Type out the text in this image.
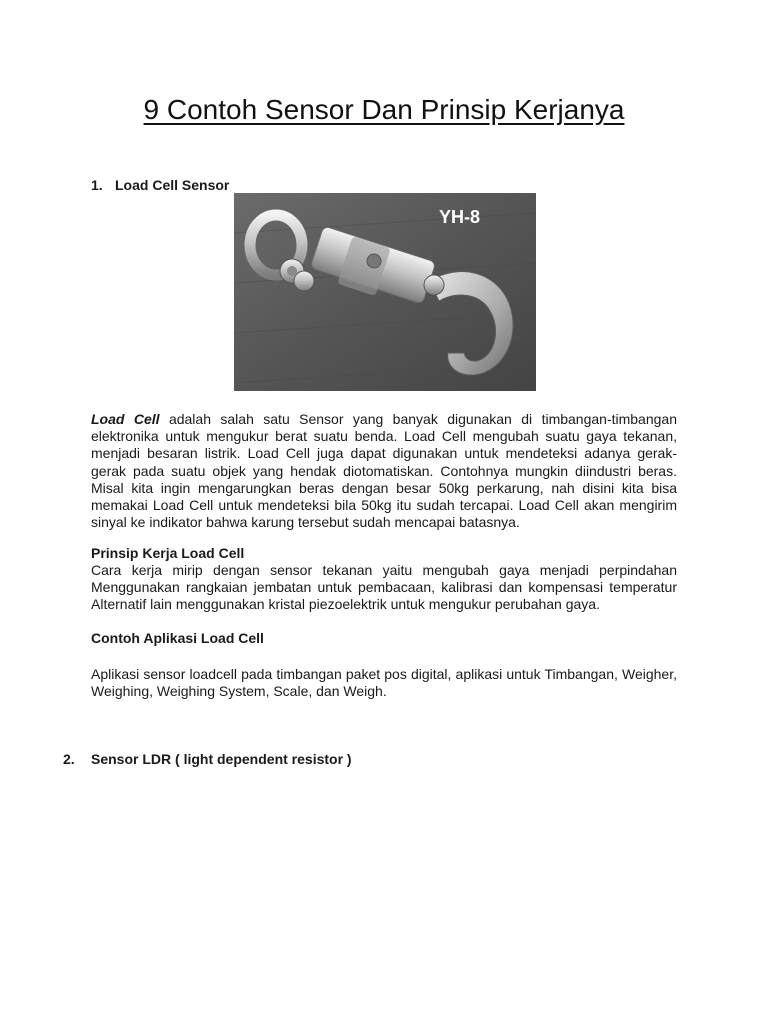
9 Contoh Sensor Dan Prinsip Kerjanya
1. Load Cell Sensor
YH-8

Load Cell adalah salah satu Sensor yang banyak digunakan di timbangan-timbangan elektronika untuk mengukur berat suatu benda. Load Cell mengubah suatu gaya tekanan, menjadi besaran listrik. Load Cell juga dapat digunakan untuk mendeteksi adanya gerak-gerak pada suatu objek yang hendak diotomatiskan. Contohnya mungkin diindustri beras. Misal kita ingin mengarungkan beras dengan besar 50kg perkarung, nah disini kita bisa memakai Load Cell untuk mendeteksi bila 50kg itu sudah tercapai. Load Cell akan mengirim sinyal ke indikator bahwa karung tersebut sudah mencapai batasnya.

Prinsip Kerja Load Cell

Cara kerja mirip dengan sensor tekanan yaitu mengubah gaya menjadi perpindahan Menggunakan rangkaian jembatan untuk pembacaan, kalibrasi dan kompensasi temperatur Alternatif lain menggunakan kristal piezoelektrik untuk mengukur perubahan gaya.

Contoh Aplikasi Load Cell

Aplikasi sensor loadcell pada timbangan paket pos digital, aplikasi untuk Timbangan, Weigher, Weighing, Weighing System, Scale, dan Weigh.

2. Sensor LDR ( light dependent resistor )
